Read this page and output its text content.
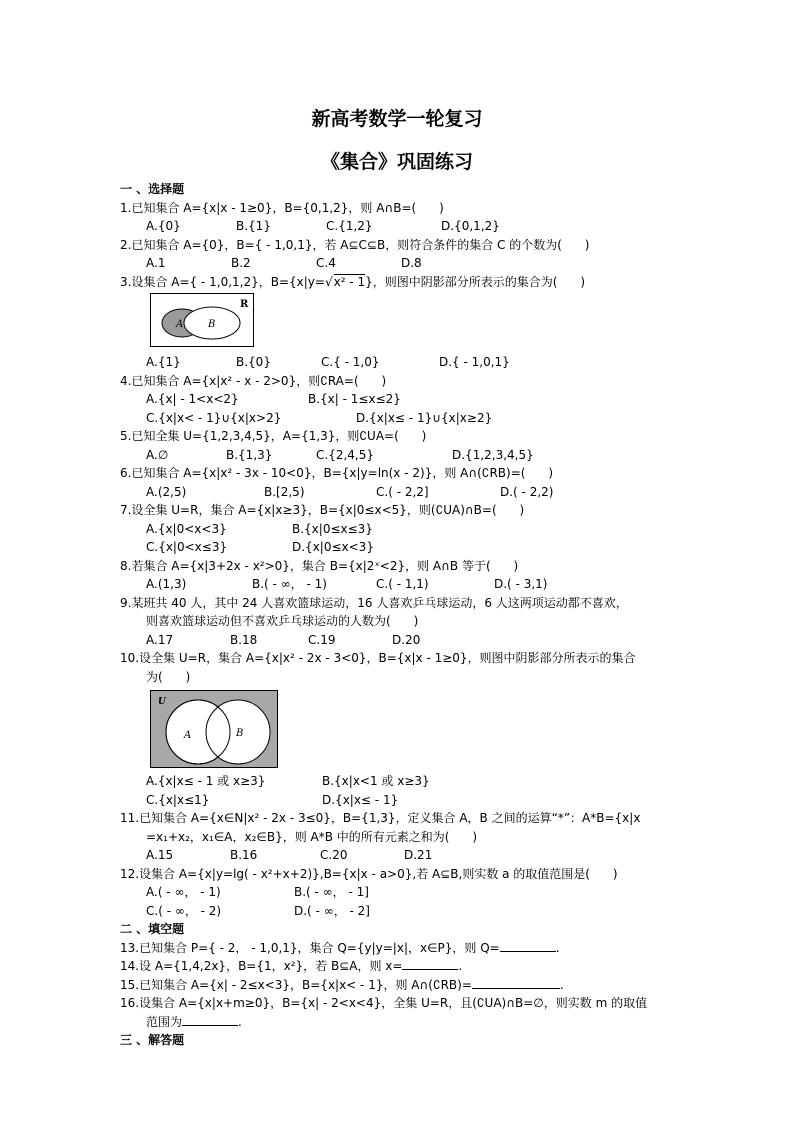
新高考数学一轮复习
《集合》巩固练习
一 、选择题
1.已知集合 A={x|x - 1≥0}，B={0,1,2}，则 A∩B=(      )
A.{0}	B.{1}	C.{1,2}	D.{0,1,2}
2.已知集合 A={0}，B={ - 1,0,1}，若 A⊆C⊆B，则符合条件的集合 C 的个数为(      )
A.1	B.2	C.4	D.8
3.设集合 A={ - 1,0,1,2}，B={x|y=√x² - 1}，则图中阴影部分所表示的集合为(      )
A B
R
A.{1}	B.{0}	C.{ - 1,0}	D.{ - 1,0,1}
4.已知集合 A={x|x² - x - 2>0}，则∁RA=(      )
A.{x| - 1<x<2}	B.{x| - 1≤x≤2}
C.{x|x< - 1}∪{x|x>2}	D.{x|x≤ - 1}∪{x|x≥2}
5.已知全集 U={1,2,3,4,5}，A={1,3}，则∁UA=(      )
A.∅	B.{1,3}	C.{2,4,5}	D.{1,2,3,4,5}
6.已知集合 A={x|x² - 3x - 10<0}，B={x|y=ln(x - 2)}，则 A∩(∁RB)=(      )
A.(2,5)	B.[2,5)	C.( - 2,2]	D.( - 2,2)
7.设全集 U=R，集合 A={x|x≥3}，B={x|0≤x<5}，则(∁UA)∩B=(      )
A.{x|0<x<3}	B.{x|0≤x≤3}
C.{x|0<x≤3}	D.{x|0≤x<3}
8.若集合 A={x|3+2x - x²>0}，集合 B={x|2ˣ<2}，则 A∩B 等于(      )
A.(1,3)	B.( - ∞， - 1)	C.( - 1,1)	D.( - 3,1)
9.某班共 40 人，其中 24 人喜欢篮球运动，16 人喜欢乒乓球运动，6 人这两项运动都不喜欢，
则喜欢篮球运动但不喜欢乒乓球运动的人数为(      )
A.17	B.18	C.19	D.20
10.设全集 U=R，集合 A={x|x² - 2x - 3<0}，B={x|x - 1≥0}，则图中阴影部分所表示的集合
为(      )
U
A	B
A.{x|x≤ - 1 或 x≥3}	B.{x|x<1 或 x≥3}
C.{x|x≤1}	D.{x|x≤ - 1}
11.已知集合 A={x∈N|x² - 2x - 3≤0}，B={1,3}，定义集合 A，B 之间的运算“*”：A*B={x|x
=x₁+x₂，x₁∈A，x₂∈B}，则 A*B 中的所有元素之和为(      )
A.15	B.16	C.20	D.21
12.设集合 A={x|y=lg( - x²+x+2)},B={x|x - a>0},若 A⊆B,则实数 a 的取值范围是(      )
A.( - ∞， - 1)	B.( - ∞， - 1]
C.( - ∞， - 2)	D.( - ∞， - 2]
二 、填空题
13.已知集合 P={ - 2， - 1,0,1}，集合 Q={y|y=|x|，x∈P}，则 Q=	.
14.设 A={1,4,2x}，B={1，x²}，若 B⊆A，则 x=	.
15.已知集合 A={x| - 2≤x<3}，B={x|x< - 1}，则 A∩(∁RB)=	.
16.设集合 A={x|x+m≥0}，B={x| - 2<x<4}，全集 U=R，且(∁UA)∩B=∅，则实数 m 的取值
范围为	.
三 、解答题
